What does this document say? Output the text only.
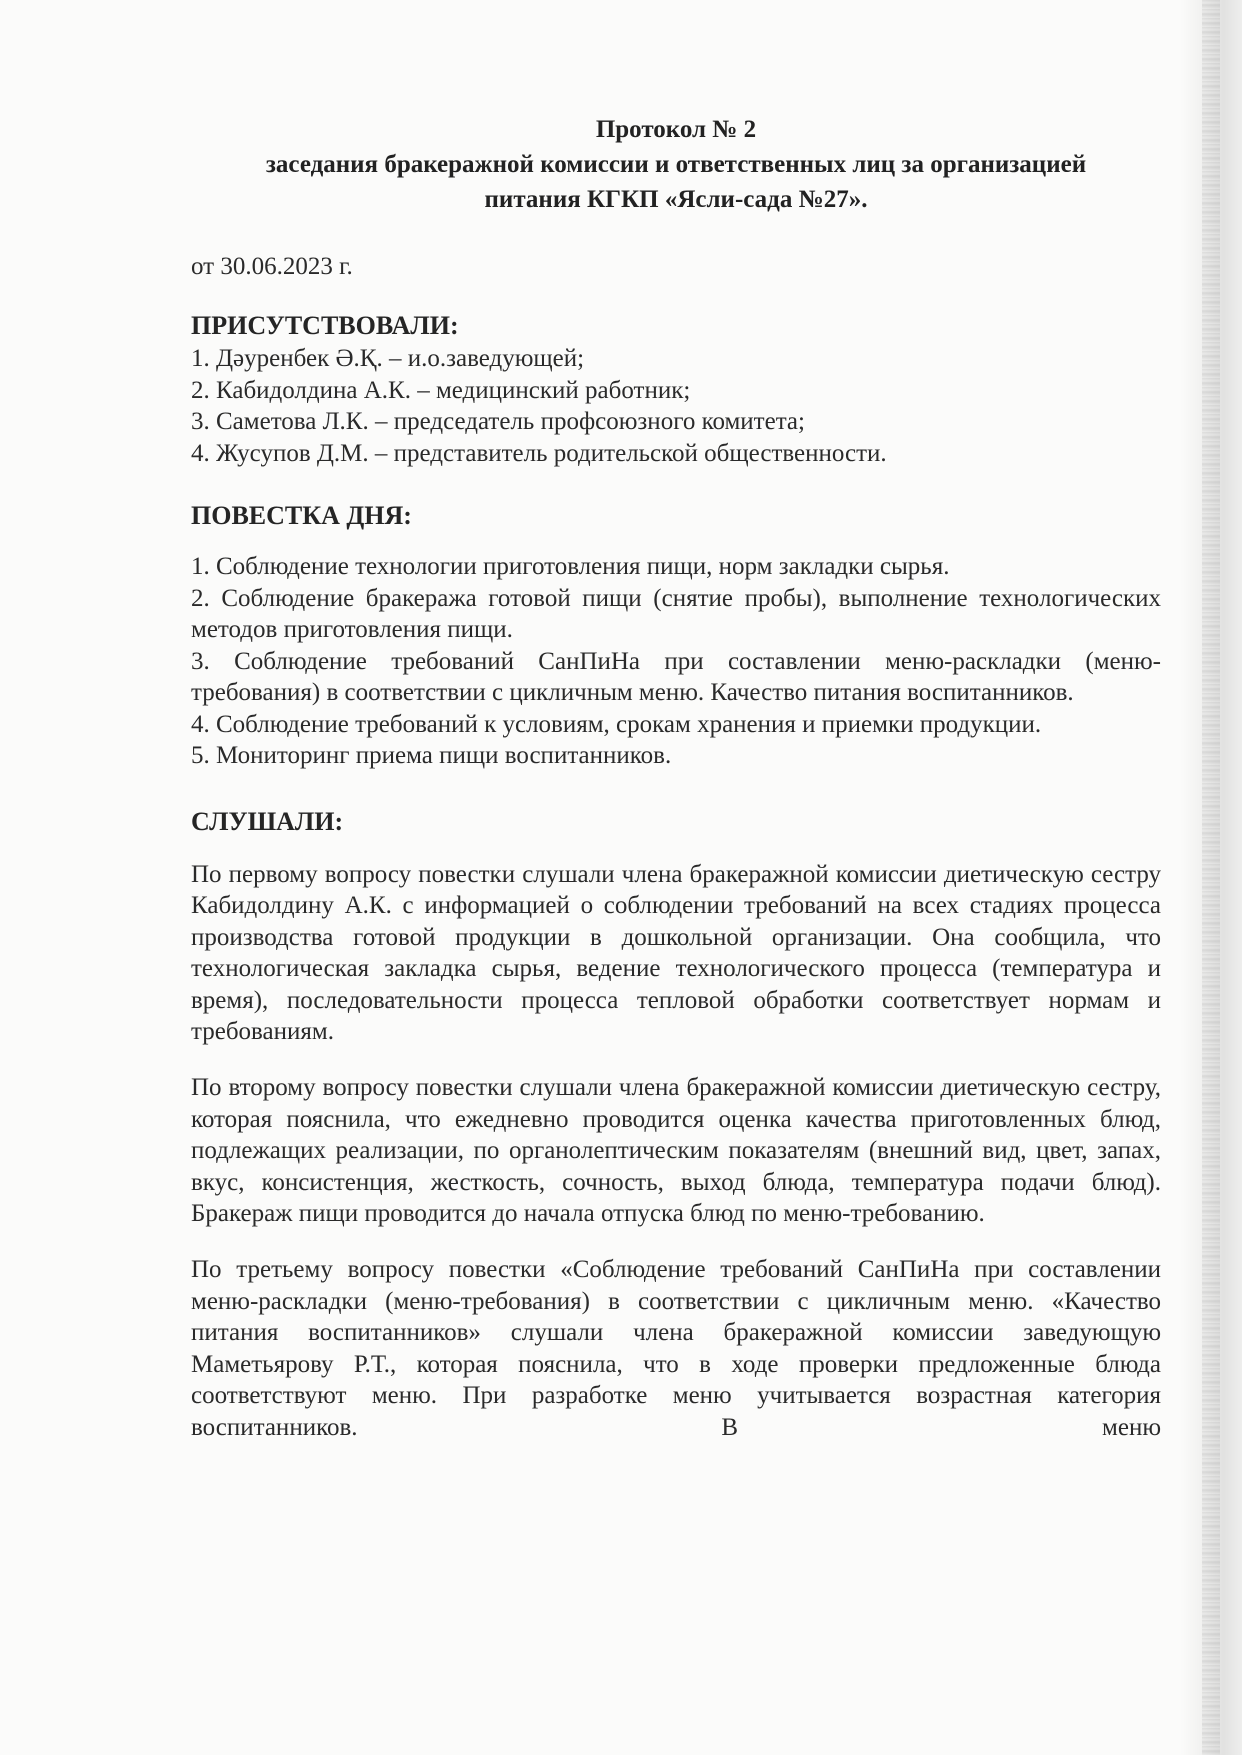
Протокол № 2

заседания бракеражной комиссии и ответственных лиц за организацией

питания КГКП «Ясли-сада №27».

от 30.06.2023 г.

ПРИСУТСТВОВАЛИ:

1. Дәуренбек Ә.Қ. – и.о.заведующей;

2. Кабидолдина А.К. – медицинский работник;

3. Саметова Л.К. – председатель профсоюзного комитета;

4. Жусупов Д.М. – представитель родительской общественности.

ПОВЕСТКА ДНЯ:

1. Соблюдение технологии приготовления пищи, норм закладки сырья.

2. Соблюдение бракеража готовой пищи (снятие пробы), выполнение технологических методов приготовления пищи.

3. Соблюдение требований СанПиНа при составлении меню-раскладки (меню-требования) в соответствии с цикличным меню. Качество питания воспитанников.

4. Соблюдение требований к условиям, срокам хранения и приемки продукции.

5. Мониторинг приема пищи воспитанников.

СЛУШАЛИ:

По первому вопросу повестки слушали члена бракеражной комиссии диетическую сестру Кабидолдину А.К. с информацией о соблюдении требований на всех стадиях процесса производства готовой продукции в дошкольной организации. Она сообщила, что технологическая закладка сырья, ведение технологического процесса (температура и время), последовательности процесса тепловой обработки соответствует нормам и требованиям.

По второму вопросу повестки слушали члена бракеражной комиссии диетическую сестру, которая пояснила, что ежедневно проводится оценка качества приготовленных блюд, подлежащих реализации, по органолептическим показателям (внешний вид, цвет, запах, вкус, консистенция, жесткость, сочность, выход блюда, температура подачи блюд). Бракераж пищи проводится до начала отпуска блюд по меню-требованию.

По третьему вопросу повестки «Соблюдение требований СанПиНа при составлении меню-раскладки (меню-требования) в соответствии с цикличным меню. «Качество питания воспитанников» слушали члена бракеражной комиссии заведующую Маметьярову Р.Т., которая пояснила, что в ходе проверки предложенные блюда соответствуют меню. При разработке меню учитывается возрастная категория воспитанников. В меню
